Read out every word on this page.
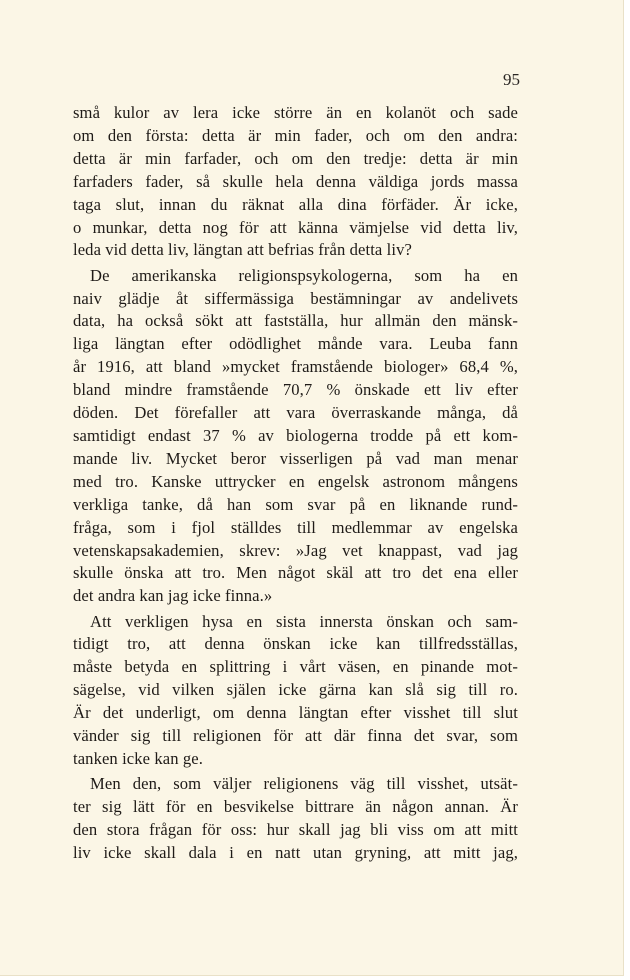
95
små kulor av lera icke större än en kolanöt och sade
om den första: detta är min fader, och om den andra:
detta är min farfader, och om den tredje: detta är min
farfaders fader, så skulle hela denna väldiga jords massa
taga slut, innan du räknat alla dina förfäder. Är icke,
o munkar, detta nog för att känna vämjelse vid detta liv,
leda vid detta liv, längtan att befrias från detta liv?
De amerikanska religionspsykologerna, som ha en
naiv glädje åt siffermässiga bestämningar av andelivets
data, ha också sökt att fastställa, hur allmän den mänsk-
liga längtan efter odödlighet månde vara. Leuba fann
år 1916, att bland »mycket framstående biologer» 68,4 %,
bland mindre framstående 70,7 % önskade ett liv efter
döden. Det förefaller att vara överraskande många, då
samtidigt endast 37 % av biologerna trodde på ett kom-
mande liv. Mycket beror visserligen på vad man menar
med tro. Kanske uttrycker en engelsk astronom mångens
verkliga tanke, då han som svar på en liknande rund-
fråga, som i fjol ställdes till medlemmar av engelska
vetenskapsakademien, skrev: »Jag vet knappast, vad jag
skulle önska att tro. Men något skäl att tro det ena eller
det andra kan jag icke finna.»
Att verkligen hysa en sista innersta önskan och sam-
tidigt tro, att denna önskan icke kan tillfredsställas,
måste betyda en splittring i vårt väsen, en pinande mot-
sägelse, vid vilken själen icke gärna kan slå sig till ro.
Är det underligt, om denna längtan efter visshet till slut
vänder sig till religionen för att där finna det svar, som
tanken icke kan ge.
Men den, som väljer religionens väg till visshet, utsät-
ter sig lätt för en besvikelse bittrare än någon annan. Är
den stora frågan för oss: hur skall jag bli viss om att mitt
liv icke skall dala i en natt utan gryning, att mitt jag,
